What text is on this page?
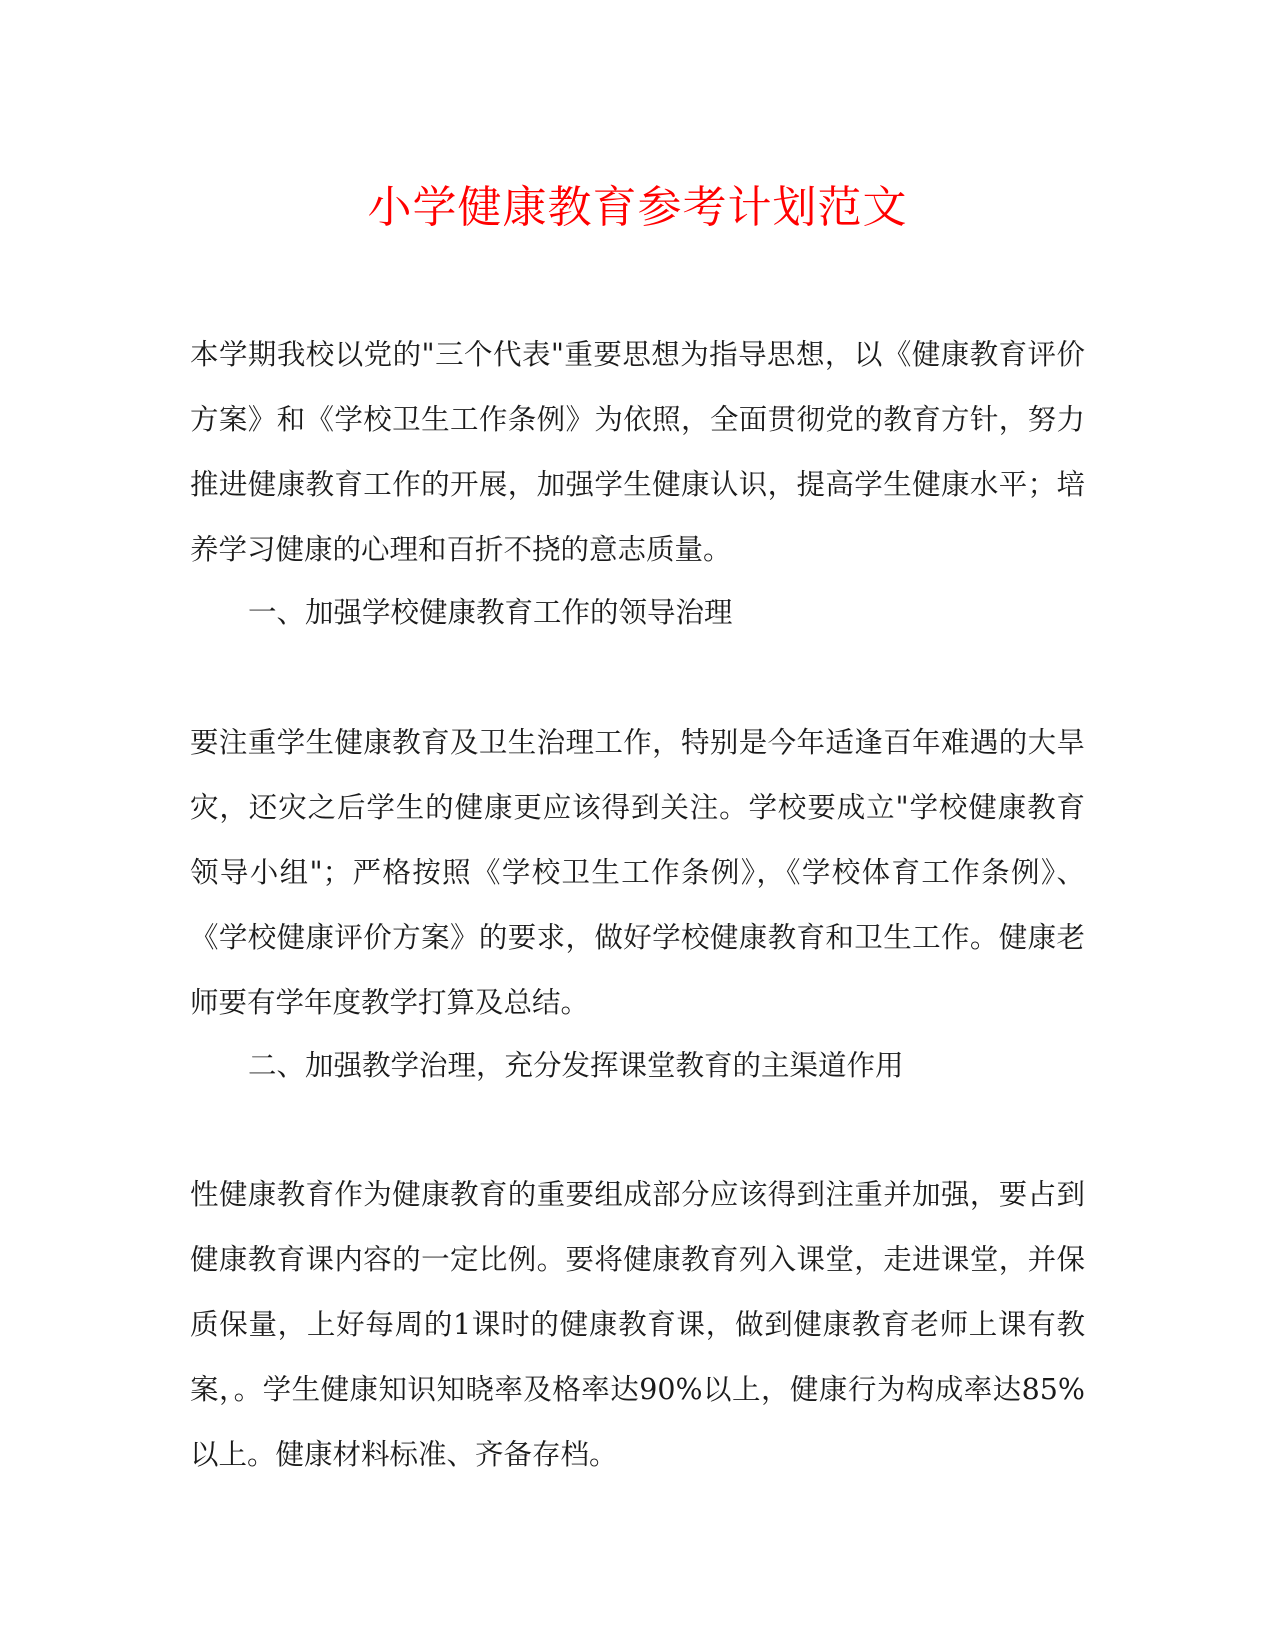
小学健康教育参考计划范文

本学期我校以党的"三个代表"重要思想为指导思想，以《健康教育评价方案》和《学校卫生工作条例》为依照，全面贯彻党的教育方针，努力推进健康教育工作的开展，加强学生健康认识，提高学生健康水平；培养学习健康的心理和百折不挠的意志质量。

一、加强学校健康教育工作的领导治理

要注重学生健康教育及卫生治理工作，特别是今年适逢百年难遇的大旱灾，还灾之后学生的健康更应该得到关注。学校要成立"学校健康教育领导小组"；严格按照《学校卫生工作条例》，《学校体育工作条例》、《学校健康评价方案》的要求，做好学校健康教育和卫生工作。健康老师要有学年度教学打算及总结。

二、加强教学治理，充分发挥课堂教育的主渠道作用

性健康教育作为健康教育的重要组成部分应该得到注重并加强，要占到健康教育课内容的一定比例。要将健康教育列入课堂，走进课堂，并保质保量，上好每周的1课时的健康教育课，做到健康教育老师上课有教案，。学生健康知识知晓率及格率达90%以上，健康行为构成率达85%以上。健康材料标准、齐备存档。
